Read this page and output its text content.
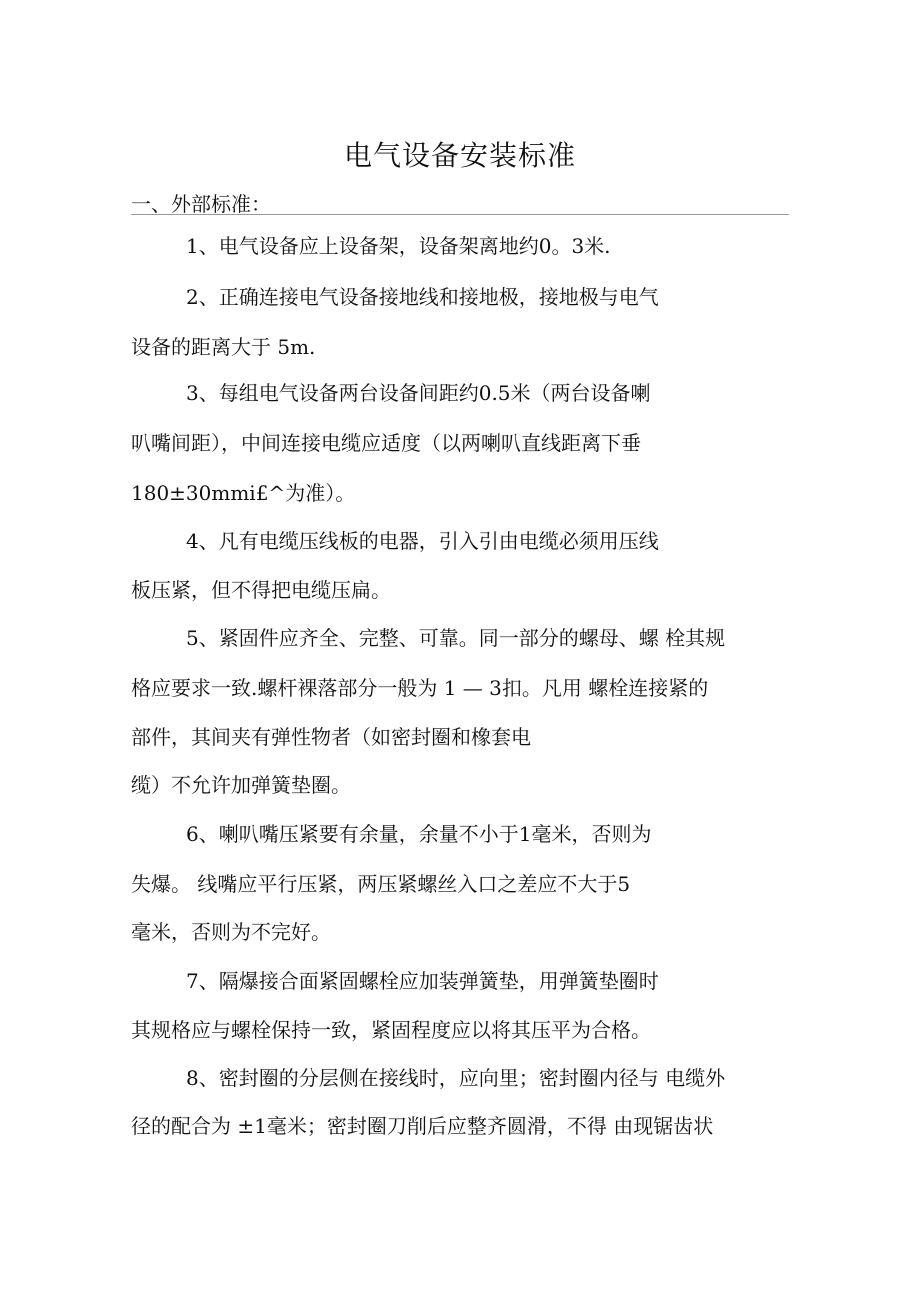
电气设备安装标准
一、外部标准：
1、电气设备应上设备架，设备架离地约0。3米.
2、正确连接电气设备接地线和接地极，接地极与电气
设备的距离大于 5m.
3、每组电气设备两台设备间距约0.5米（两台设备喇
叭嘴间距），中间连接电缆应适度（以两喇叭直线距离下垂
180±30mmi£^为准）。
4、凡有电缆压线板的电器，引入引由电缆必须用压线
板压紧，但不得把电缆压扁。
5、紧固件应齐全、完整、可靠。同一部分的螺母、螺 栓其规
格应要求一致.螺杆裸落部分一般为 1 — 3扣。凡用 螺栓连接紧的
部件，其间夹有弹性物者（如密封圈和橡套电
缆）不允许加弹簧垫圈。
6、喇叭嘴压紧要有余量，余量不小于1毫米，否则为
失爆。 线嘴应平行压紧，两压紧螺丝入口之差应不大于5
毫米，否则为不完好。
7、隔爆接合面紧固螺栓应加装弹簧垫，用弹簧垫圈时
其规格应与螺栓保持一致，紧固程度应以将其压平为合格。
8、密封圈的分层侧在接线时，应向里；密封圈内径与 电缆外
径的配合为 ±1毫米；密封圈刀削后应整齐圆滑，不得 由现锯齿状
